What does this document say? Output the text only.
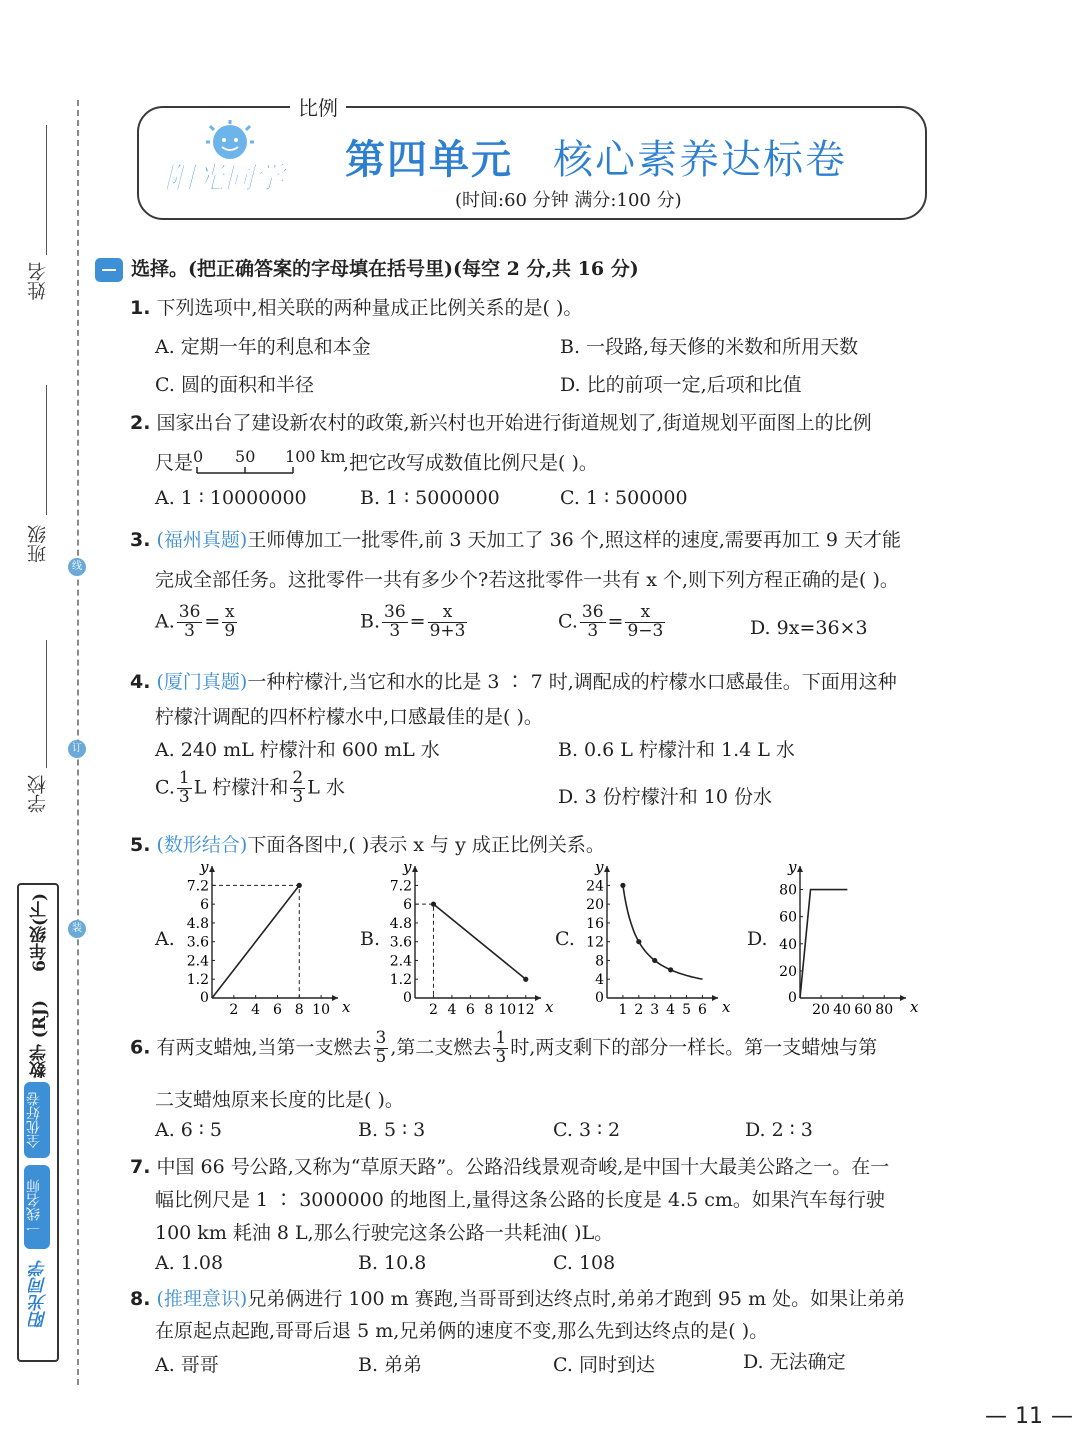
姓名
班级
学校
线
订
装
6年级(下)
数学 (RJ)
全优好卷
一线名师
阳光同学
比例
阳光同学 第四单元 核心素养达标卷
(时间:60 分钟 满分:100 分)
选择。(把正确答案的字母填在括号里)(每空 2 分,共 16 分)
1. 下列选项中,相关联的两种量成正比例关系的是( )。
A. 定期一年的利息和本金	B. 一段路,每天修的米数和所用天数
C. 圆的面积和半径	D. 比的前项一定,后项和比值
2. 国家出台了建设新农村的政策,新兴村也开始进行街道规划了,街道规划平面图上的比例
尺是 0 50 100 km
,把它改写成数值比例尺是( )。
A. 1 ∶ 10000000	B. 1 ∶ 5000000	C. 1 ∶ 500000
3. (福州真题)王师傅加工一批零件,前 3 天加工了 36 个,照这样的速度,需要再加工 9 天才能
完成全部任务。这批零件一共有多少个?若这批零件一共有 x 个,则下列方程正确的是( )。
A. $\frac{36}{3} = \frac{x}{9}$	B. $\frac{36}{3} = \frac{x}{9+3}$	C. $\frac{36}{3} = \frac{x}{9-3}$	D. 9x=36×3
4. (厦门真题)一种柠檬汁,当它和水的比是 3 ∶ 7 时,调配成的柠檬水口感最佳。下面用这种
柠檬汁调配的四杯柠檬水中,口感最佳的是( )。
A. 240 mL 柠檬汁和 600 mL 水	B. 0.6 L 柠檬汁和 1.4 L 水
C. $\frac{1}{3}$ L 柠檬汁和 $\frac{2}{3}$ L 水	D. 3 份柠檬汁和 10 份水
5. (数形结合)下面各图中,( )表示 x 与 y 成正比例关系。
A.	B.	C.	D.
x
y
0
2 4 6 8 10
1.2
2.4
3.6
4.8
6
7.2
x
y
0
2 4 6 8 10 12
1.2
2.4
3.6
4.8
6
7.2
x
y
0
1 2 3 4 5 6
4
8
12
16
20
24
x
y
0
20 40 60 80
20
40
60
80
6. 有两支蜡烛,当第一支燃去 $\frac{3}{5}$ ,第二支燃去 $\frac{1}{3}$ 时,两支剩下的部分一样长。第一支蜡烛与第
二支蜡烛原来长度的比是( )。
A. 6 ∶ 5	B. 5 ∶ 3	C. 3 ∶ 2	D. 2 ∶ 3
7. 中国 66 号公路,又称为“草原天路”。公路沿线景观奇峻,是中国十大最美公路之一。在一
幅比例尺是 1 ∶ 3000000 的地图上,量得这条公路的长度是 4.5 cm。如果汽车每行驶
100 km 耗油 8 L,那么行驶完这条公路一共耗油( )L。
A. 1.08	B. 10.8	C. 108
8. (推理意识)兄弟俩进行 100 m 赛跑,当哥哥到达终点时,弟弟才跑到 95 m 处。如果让弟弟
在原起点起跑,哥哥后退 5 m,兄弟俩的速度不变,那么先到达终点的是( )。
A. 哥哥	B. 弟弟	C. 同时到达	D. 无法确定
— 11 —
